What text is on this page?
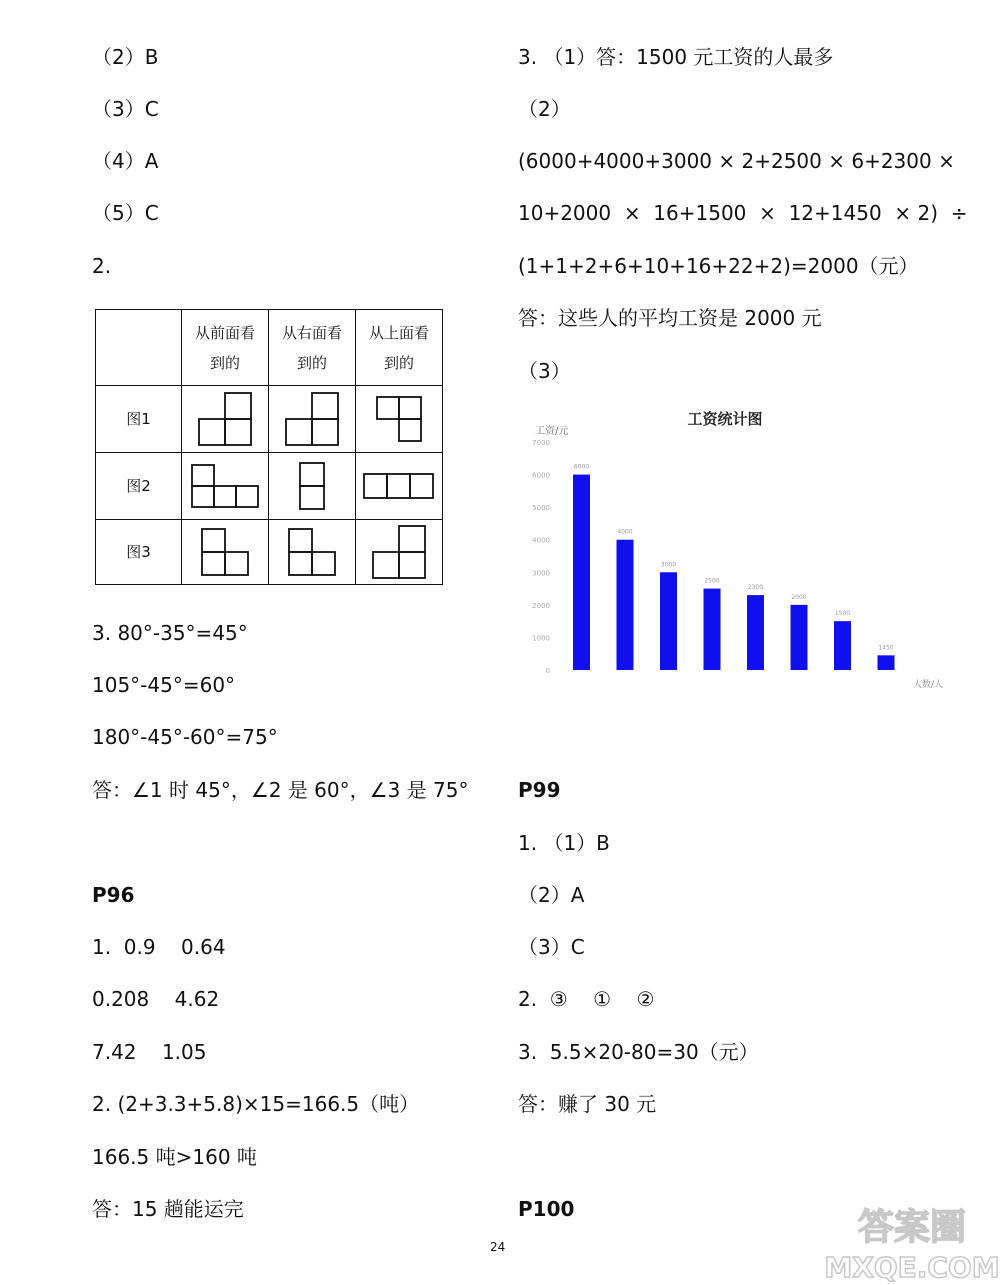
（2）B
（3）C
（4）A
（5）C
2.
	从前面看到的	从右面看到的	从上面看到的
图1	

图2	

图3	

3. 80°-35°=45°
105°-45°=60°
180°-45°-60°=75°
答：∠1 时 45°，∠2 是 60°，∠3 是 75°
P96
1.  0.9    0.64
0.208    4.62
7.42    1.05
2. (2+3.3+5.8)×15=166.5（吨）
166.5 吨>160 吨
答：15 趟能运完
3. （1）答：1500 元工资的人最多
（2）
(6000+4000+3000 × 2+2500 × 6+2300 ×
10+2000  ×  16+1500  ×  12+1450  × 2)  ÷
(1+1+2+6+10+16+22+2)=2000（元）
答：这些人的平均工资是 2000 元
（3）
工资统计图
工资/元
人数/人
0
1000
2000
3000
4000
5000
6000
7000
6000
4000
3000
2500
2300
2000
1500
1450
P99
1. （1）B
（2）A
（3）C
2.  ③    ①    ②
3.  5.5×20-80=30（元）
答：赚了 30 元
P100
24	答案圈
MXQE.COM
